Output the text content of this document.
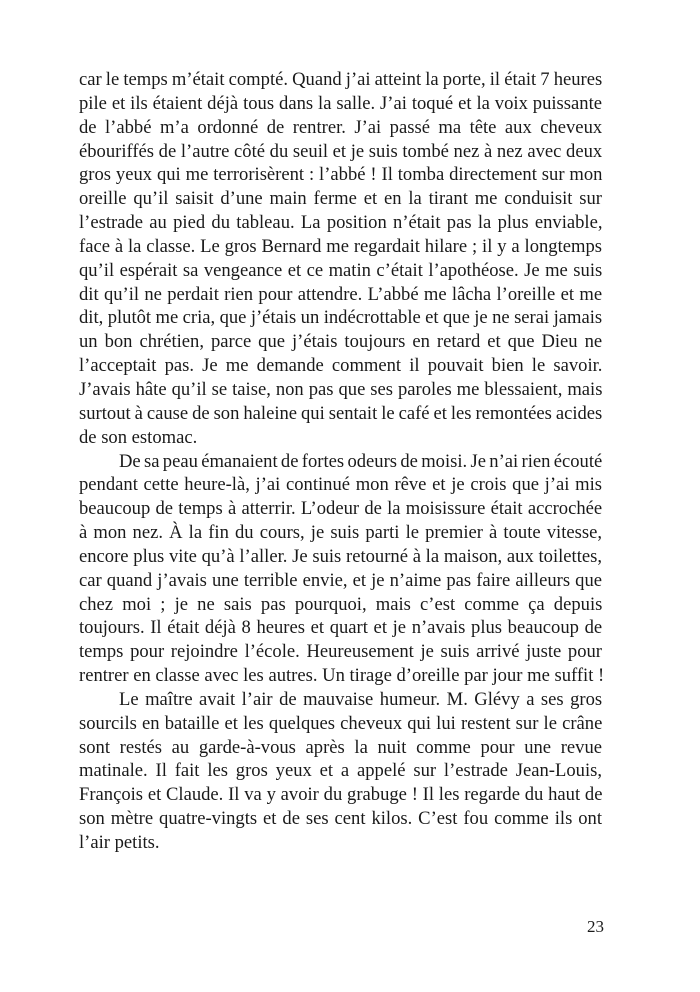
car le temps m’était compté. Quand j’ai atteint la porte, il était 7 heures
pile et ils étaient déjà tous dans la salle. J’ai toqué et la voix puissante
de l’abbé m’a ordonné de rentrer. J’ai passé ma tête aux cheveux
ébouriffés de l’autre côté du seuil et je suis tombé nez à nez avec deux
gros yeux qui me terrorisèrent : l’abbé ! Il tomba directement sur mon
oreille qu’il saisit d’une main ferme et en la tirant me conduisit sur
l’estrade au pied du tableau. La position n’était pas la plus enviable,
face à la classe. Le gros Bernard me regardait hilare ; il y a longtemps
qu’il espérait sa vengeance et ce matin c’était l’apothéose. Je me suis
dit qu’il ne perdait rien pour attendre. L’abbé me lâcha l’oreille et me
dit, plutôt me cria, que j’étais un indécrottable et que je ne serai jamais
un bon chrétien, parce que j’étais toujours en retard et que Dieu ne
l’acceptait pas. Je me demande comment il pouvait bien le savoir.
J’avais hâte qu’il se taise, non pas que ses paroles me blessaient, mais
surtout à cause de son haleine qui sentait le café et les remontées acides
de son estomac.
De sa peau émanaient de fortes odeurs de moisi. Je n’ai rien écouté
pendant cette heure-là, j’ai continué mon rêve et je crois que j’ai mis
beaucoup de temps à atterrir. L’odeur de la moisissure était accrochée
à mon nez. À la fin du cours, je suis parti le premier à toute vitesse,
encore plus vite qu’à l’aller. Je suis retourné à la maison, aux toilettes,
car quand j’avais une terrible envie, et je n’aime pas faire ailleurs que
chez moi ; je ne sais pas pourquoi, mais c’est comme ça depuis
toujours. Il était déjà 8 heures et quart et je n’avais plus beaucoup de
temps pour rejoindre l’école. Heureusement je suis arrivé juste pour
rentrer en classe avec les autres. Un tirage d’oreille par jour me suffit !
Le maître avait l’air de mauvaise humeur. M. Glévy a ses gros
sourcils en bataille et les quelques cheveux qui lui restent sur le crâne
sont restés au garde-à-vous après la nuit comme pour une revue
matinale. Il fait les gros yeux et a appelé sur l’estrade Jean-Louis,
François et Claude. Il va y avoir du grabuge ! Il les regarde du haut de
son mètre quatre-vingts et de ses cent kilos. C’est fou comme ils ont
l’air petits.
23
